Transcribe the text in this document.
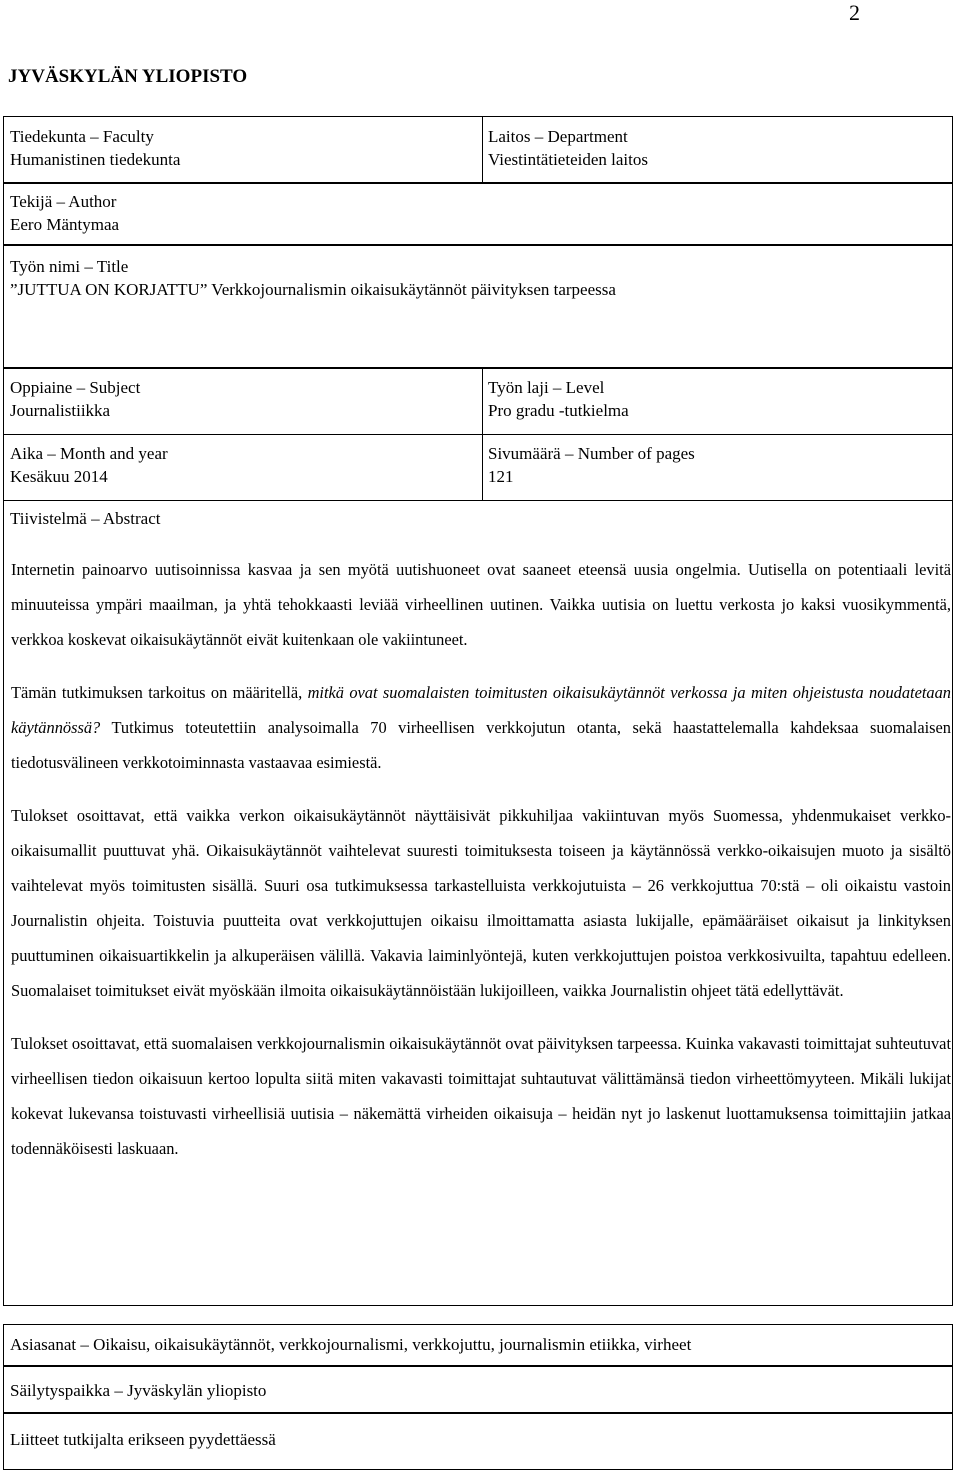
2
JYVÄSKYLÄN YLIOPISTO
Tiedekunta – Faculty
Humanistinen tiedekunta
Laitos – Department
Viestintätieteiden laitos
Tekijä – Author
Eero Mäntymaa
Työn nimi – Title
”JUTTUA ON KORJATTU” Verkkojournalismin oikaisukäytännöt päivityksen tarpeessa
Oppiaine – Subject
Journalistiikka
Työn laji – Level
Pro gradu -tutkielma
Aika – Month and year
Kesäkuu 2014
Sivumäärä – Number of pages
121
Tiivistelmä – Abstract

Internetin painoarvo uutisoinnissa kasvaa ja sen myötä uutishuoneet ovat saaneet eteensä uusia ongelmia. Uutisella on potentiaali levitä minuuteissa ympäri maailman, ja yhtä tehokkaasti leviää virheellinen uutinen. Vaikka uutisia on luettu verkosta jo kaksi vuosikymmentä, verkkoa koskevat oikaisukäytännöt eivät kuitenkaan ole vakiintuneet.

Tämän tutkimuksen tarkoitus on määritellä, mitkä ovat suomalaisten toimitusten oikaisukäytännöt verkossa ja miten ohjeistusta noudatetaan käytännössä? Tutkimus toteutettiin analysoimalla 70 virheellisen verkkojutun otanta, sekä haastattelemalla kahdeksaa suomalaisen tiedotusvälineen verkkotoiminnasta vastaavaa esimiestä.

Tulokset osoittavat, että vaikka verkon oikaisukäytännöt näyttäisivät pikkuhiljaa vakiintuvan myös Suomessa, yhdenmukaiset verkko-oikaisumallit puuttuvat yhä. Oikaisukäytännöt vaihtelevat suuresti toimituksesta toiseen ja käytännössä verkko-oikaisujen muoto ja sisältö vaihtelevat myös toimitusten sisällä. Suuri osa tutkimuksessa tarkastelluista verkkojutuista – 26 verkkojuttua 70:stä – oli oikaistu vastoin Journalistin ohjeita. Toistuvia puutteita ovat verkkojuttujen oikaisu ilmoittamatta asiasta lukijalle, epämääräiset oikaisut ja linkityksen puuttuminen oikaisuartikkelin ja alkuperäisen välillä. Vakavia laiminlyöntejä, kuten verkkojuttujen poistoa verkkosivuilta, tapahtuu edelleen. Suomalaiset toimitukset eivät myöskään ilmoita oikaisukäytännöistään lukijoilleen, vaikka Journalistin ohjeet tätä edellyttävät.

Tulokset osoittavat, että suomalaisen verkkojournalismin oikaisukäytännöt ovat päivityksen tarpeessa. Kuinka vakavasti toimittajat suhteutuvat virheellisen tiedon oikaisuun kertoo lopulta siitä miten vakavasti toimittajat suhtautuvat välittämänsä tiedon virheettömyyteen. Mikäli lukijat kokevat lukevansa toistuvasti virheellisiä uutisia – näkemättä virheiden oikaisuja – heidän nyt jo laskenut luottamuksensa toimittajiin jatkaa todennäköisesti laskuaan.

Asiasanat – Oikaisu, oikaisukäytännöt, verkkojournalismi, verkkojuttu, journalismin etiikka, virheet
Säilytyspaikka – Jyväskylän yliopisto
Liitteet tutkijalta erikseen pyydettäessä
